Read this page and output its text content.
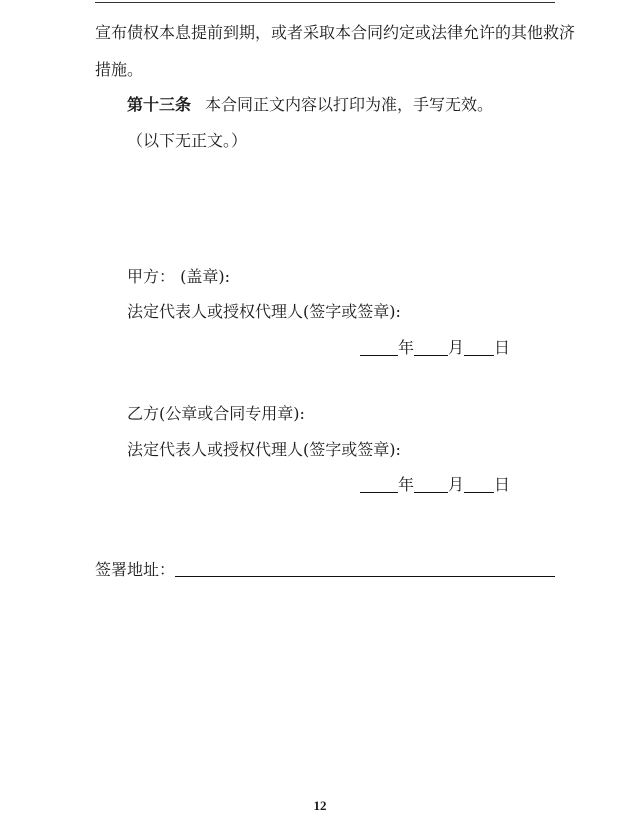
宣布债权本息提前到期，或者采取本合同约定或法律允许的其他救济
措施。
第十三条 本合同正文内容以打印为准，手写无效。
（以下无正文。）
甲方： (盖章):
法定代表人或授权代理人(签字或签章):
年 月 日
乙方(公章或合同专用章):
法定代表人或授权代理人(签字或签章):
年 月 日
签署地址：
12
